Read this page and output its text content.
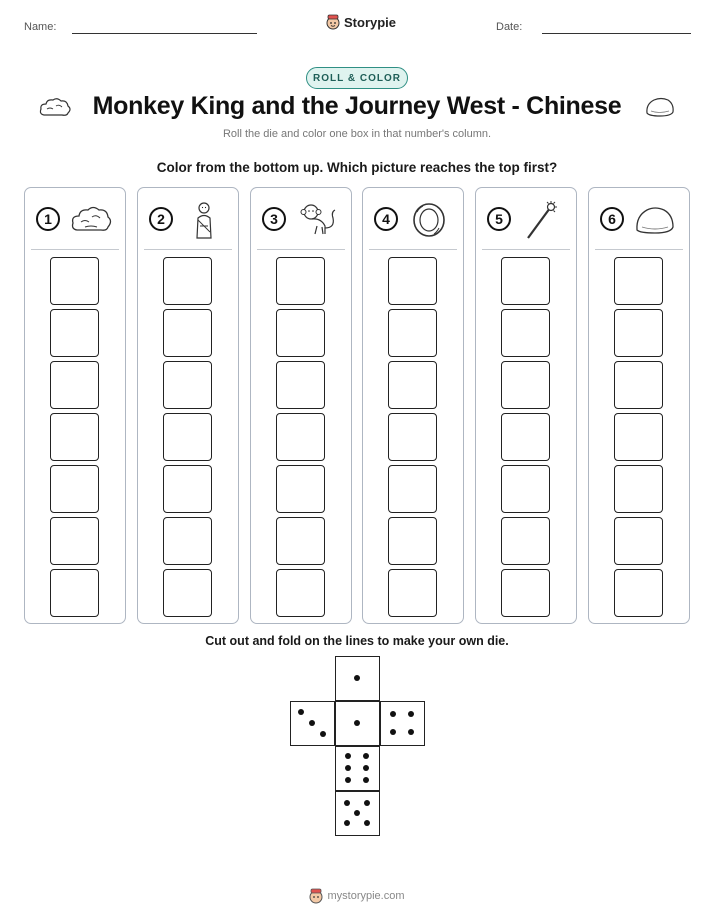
Name:	Storypie	Date:
ROLL & COLOR
Monkey King and the Journey West - Chinese
Roll the die and color one box in that number's column.
Color from the bottom up. Which picture reaches the top first?
1	2	3	4	5	6
Cut out and fold on the lines to make your own die.
mystorypie.com
